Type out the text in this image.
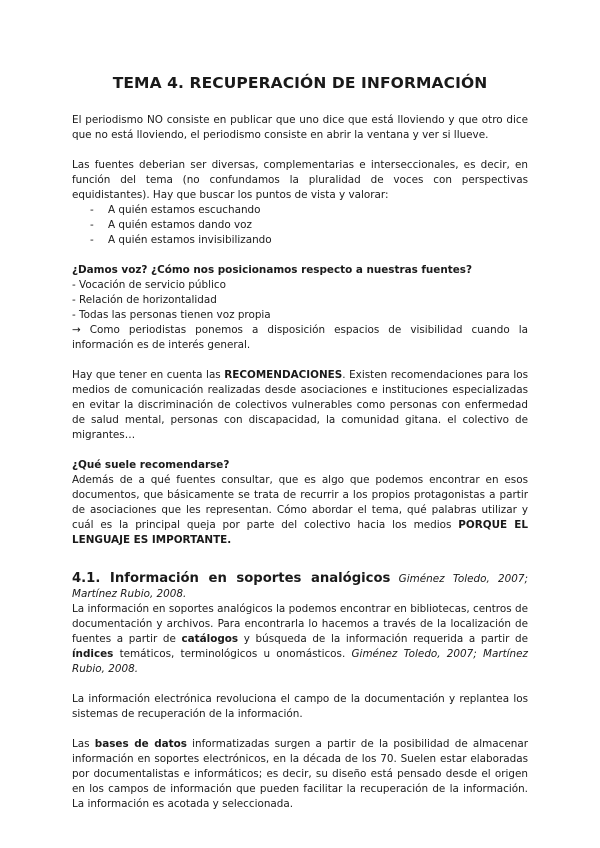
TEMA 4. RECUPERACIÓN DE INFORMACIÓN

El periodismo NO consiste en publicar que uno dice que está lloviendo y que otro dice que no está lloviendo, el periodismo consiste en abrir la ventana y ver si llueve.

Las fuentes deberian ser diversas, complementarias e interseccionales, es decir, en función del tema (no confundamos la pluralidad de voces con perspectivas equidistantes). Hay que buscar los puntos de vista y valorar:

- A quién estamos escuchando
- A quién estamos dando voz
- A quién estamos invisibilizando
¿Damos voz? ¿Cómo nos posicionamos respecto a nuestras fuentes?
- Vocación de servicio público
- Relación de horizontalidad
- Todas las personas tienen voz propia

→ Como periodistas ponemos a disposición espacios de visibilidad cuando la información es de interés general.

Hay que tener en cuenta las RECOMENDACIONES. Existen recomendaciones para los medios de comunicación realizadas desde asociaciones e instituciones especializadas en evitar la discriminación de colectivos vulnerables como personas con enfermedad de salud mental, personas con discapacidad, la comunidad gitana. el colectivo de migrantes…

¿Qué suele recomendarse?

Además de a qué fuentes consultar, que es algo que podemos encontrar en esos documentos, que básicamente se trata de recurrir a los propios protagonistas a partir de asociaciones que les representan. Cómo abordar el tema, qué palabras utilizar y cuál es la principal queja por parte del colectivo hacia los medios PORQUE EL LENGUAJE ES IMPORTANTE.

4.1. Información en soportes analógicos Giménez Toledo, 2007; Martínez Rubio, 2008.

La información en soportes analógicos la podemos encontrar en bibliotecas, centros de documentación y archivos. Para encontrarla lo hacemos a través de la localización de fuentes a partir de catálogos y búsqueda de la información requerida a partir de índices temáticos, terminológicos u onomásticos. Giménez Toledo, 2007; Martínez Rubio, 2008.

La información electrónica revoluciona el campo de la documentación y replantea los sistemas de recuperación de la información.

Las bases de datos informatizadas surgen a partir de la posibilidad de almacenar información en soportes electrónicos, en la década de los 70. Suelen estar elaboradas por documentalistas e informáticos; es decir, su diseño está pensado desde el origen en los campos de información que pueden facilitar la recuperación de la información. La información es acotada y seleccionada.
